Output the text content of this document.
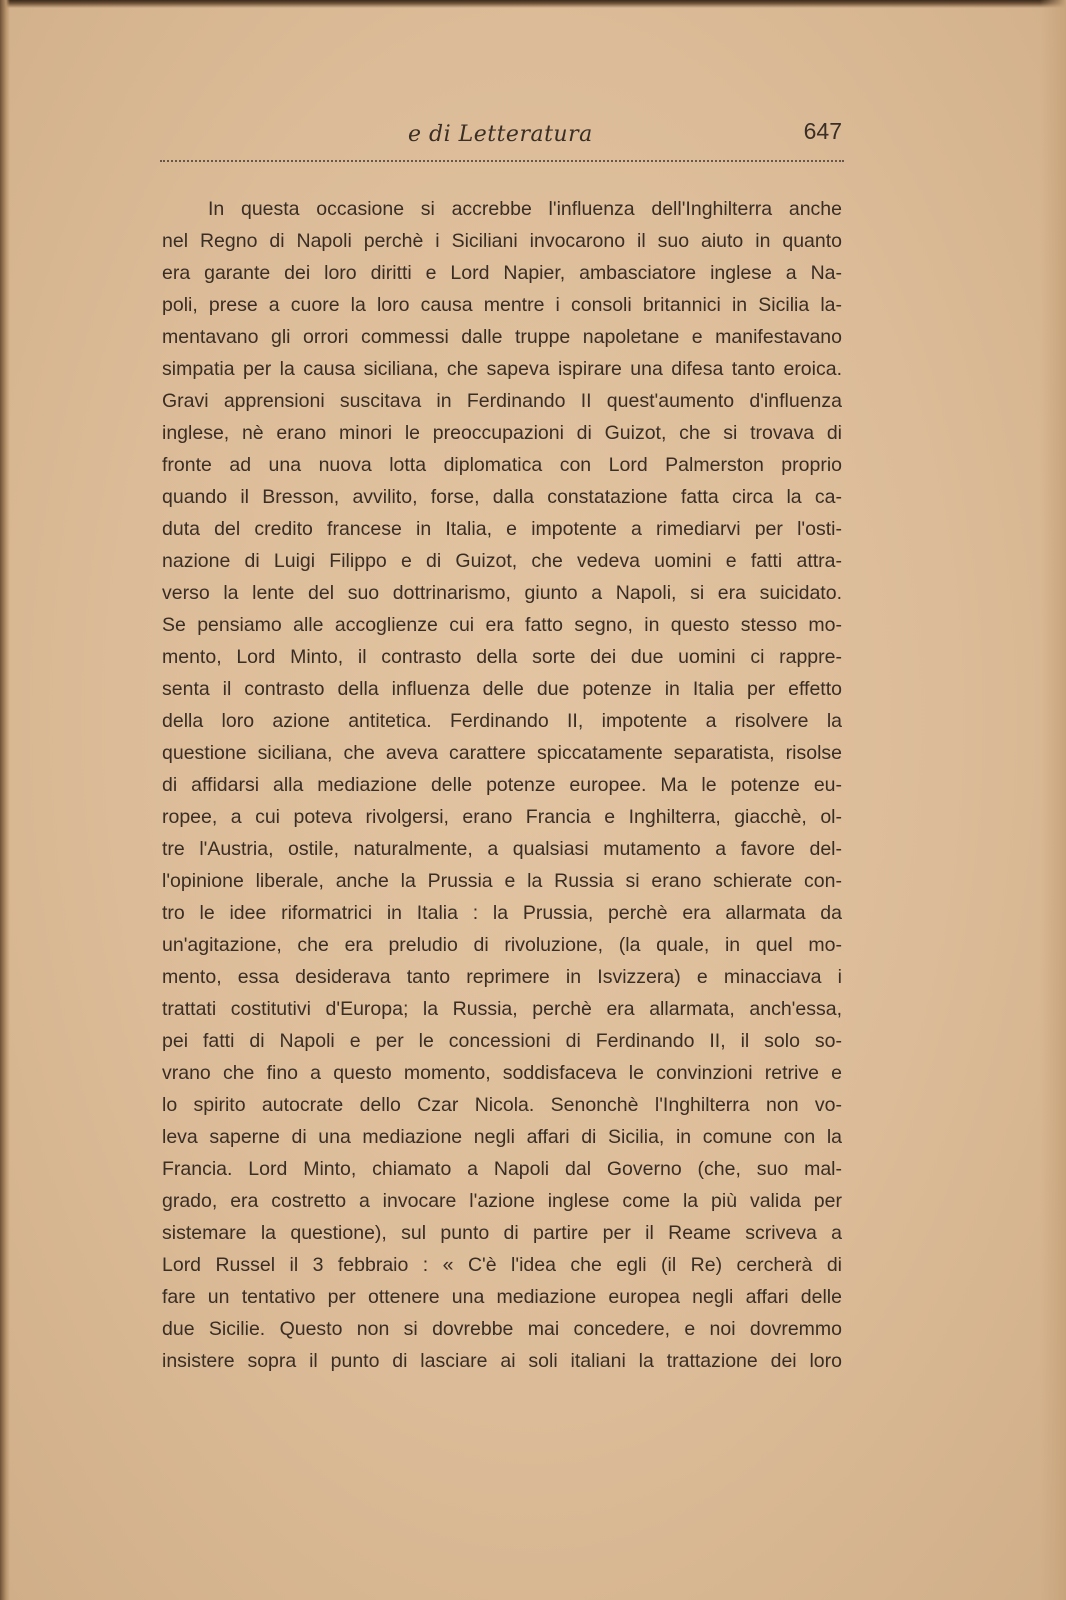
e di Letteratura	647
In questa occasione si accrebbe l'influenza dell'Inghilterra anche
nel Regno di Napoli perchè i Siciliani invocarono il suo aiuto in quanto
era garante dei loro diritti e Lord Napier, ambasciatore inglese a Na-
poli, prese a cuore la loro causa mentre i consoli britannici in Sicilia la-
mentavano gli orrori commessi dalle truppe napoletane e manifestavano
simpatia per la causa siciliana, che sapeva ispirare una difesa tanto eroica.
Gravi apprensioni suscitava in Ferdinando II quest'aumento d'influenza
inglese, nè erano minori le preoccupazioni di Guizot, che si trovava di
fronte ad una nuova lotta diplomatica con Lord Palmerston proprio
quando il Bresson, avvilito, forse, dalla constatazione fatta circa la ca-
duta del credito francese in Italia, e impotente a rimediarvi per l'osti-
nazione di Luigi Filippo e di Guizot, che vedeva uomini e fatti attra-
verso la lente del suo dottrinarismo, giunto a Napoli, si era suicidato.
Se pensiamo alle accoglienze cui era fatto segno, in questo stesso mo-
mento, Lord Minto, il contrasto della sorte dei due uomini ci rappre-
senta il contrasto della influenza delle due potenze in Italia per effetto
della loro azione antitetica. Ferdinando II, impotente a risolvere la
questione siciliana, che aveva carattere spiccatamente separatista, risolse
di affidarsi alla mediazione delle potenze europee. Ma le potenze eu-
ropee, a cui poteva rivolgersi, erano Francia e Inghilterra, giacchè, ol-
tre l'Austria, ostile, naturalmente, a qualsiasi mutamento a favore del-
l'opinione liberale, anche la Prussia e la Russia si erano schierate con-
tro le idee riformatrici in Italia : la Prussia, perchè era allarmata da
un'agitazione, che era preludio di rivoluzione, (la quale, in quel mo-
mento, essa desiderava tanto reprimere in Isvizzera) e minacciava i
trattati costitutivi d'Europa; la Russia, perchè era allarmata, anch'essa,
pei fatti di Napoli e per le concessioni di Ferdinando II, il solo so-
vrano che fino a questo momento, soddisfaceva le convinzioni retrive e
lo spirito autocrate dello Czar Nicola. Senonchè l'Inghilterra non vo-
leva saperne di una mediazione negli affari di Sicilia, in comune con la
Francia. Lord Minto, chiamato a Napoli dal Governo (che, suo mal-
grado, era costretto a invocare l'azione inglese come la più valida per
sistemare la questione), sul punto di partire per il Reame scriveva a
Lord Russel il 3 febbraio : « C'è l'idea che egli (il Re) cercherà di
fare un tentativo per ottenere una mediazione europea negli affari delle
due Sicilie. Questo non si dovrebbe mai concedere, e noi dovremmo
insistere sopra il punto di lasciare ai soli italiani la trattazione dei loro
